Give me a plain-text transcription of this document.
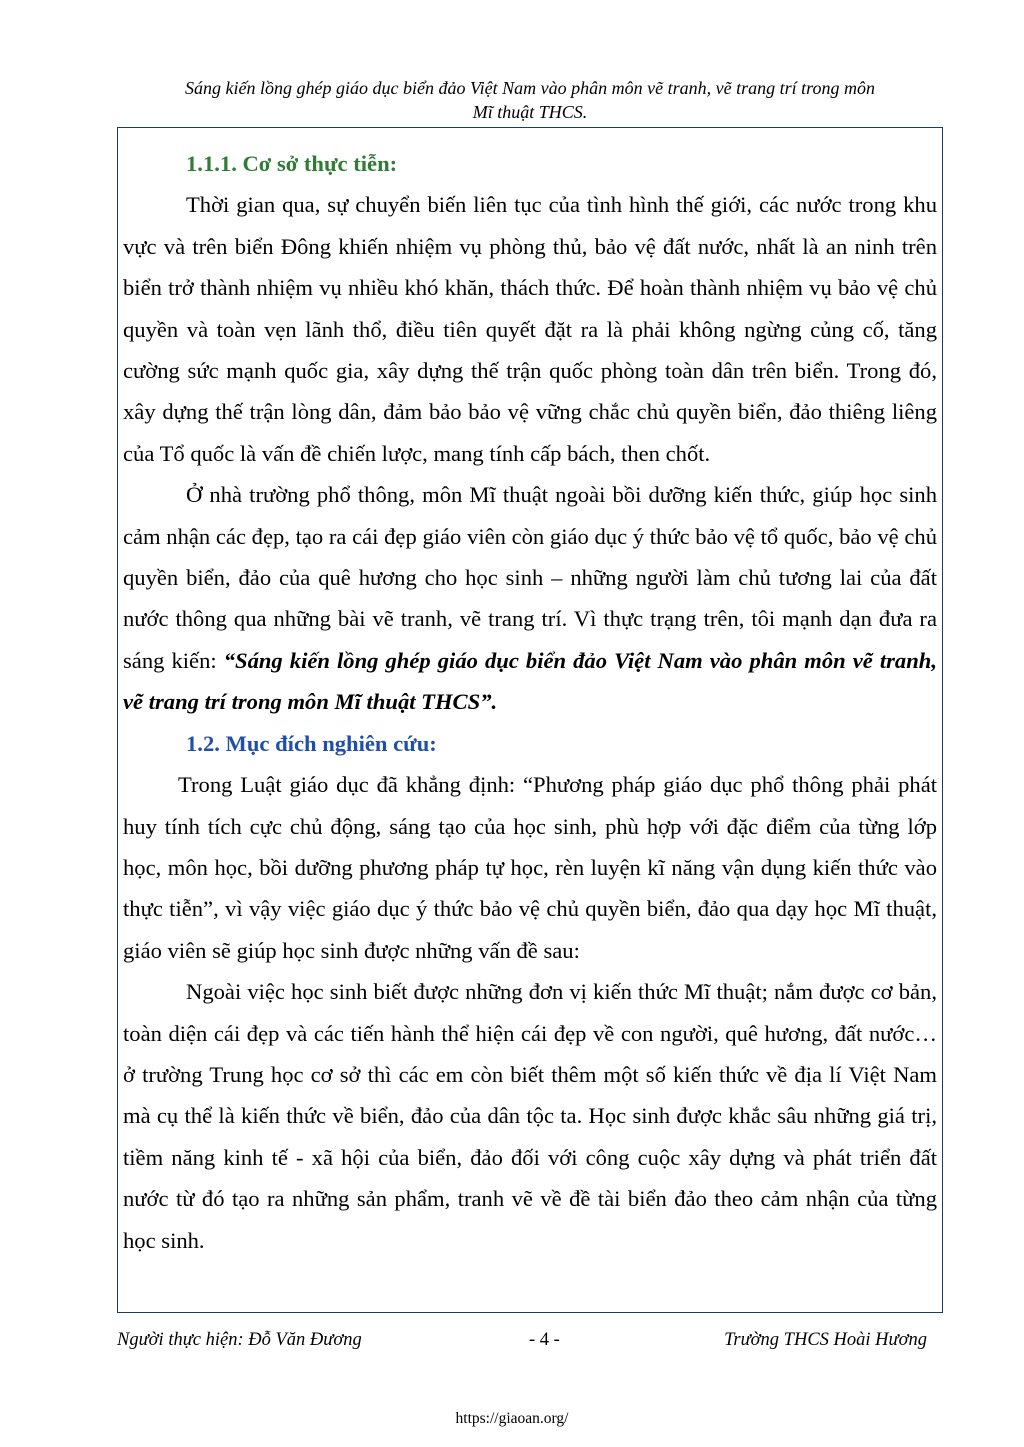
Sáng kiến lồng ghép giáo dục biển đảo Việt Nam vào phân môn vẽ tranh, vẽ trang trí trong môn
Mĩ thuật THCS.

1.1.1. Cơ sở thực tiễn:

Thời gian qua, sự chuyển biến liên tục của tình hình thế giới, các nước trong khu vực và trên biển Đông khiến nhiệm vụ phòng thủ, bảo vệ đất nước, nhất là an ninh trên biển trở thành nhiệm vụ nhiều khó khăn, thách thức. Để hoàn thành nhiệm vụ bảo vệ chủ quyền và toàn vẹn lãnh thổ, điều tiên quyết đặt ra là phải không ngừng củng cố, tăng cường sức mạnh quốc gia, xây dựng thế trận quốc phòng toàn dân trên biển. Trong đó, xây dựng thế trận lòng dân, đảm bảo bảo vệ vững chắc chủ quyền biển, đảo thiêng liêng của Tổ quốc là vấn đề chiến lược, mang tính cấp bách, then chốt.

Ở nhà trường phổ thông, môn Mĩ thuật ngoài bồi dưỡng kiến thức, giúp học sinh cảm nhận các đẹp, tạo ra cái đẹp giáo viên còn giáo dục ý thức bảo vệ tổ quốc, bảo vệ chủ quyền biển, đảo của quê hương cho học sinh – những người làm chủ tương lai của đất nước thông qua những bài vẽ tranh, vẽ trang trí. Vì thực trạng trên, tôi mạnh dạn đưa ra sáng kiến: “Sáng kiến lồng ghép giáo dục biển đảo Việt Nam vào phân môn vẽ tranh, vẽ trang trí trong môn Mĩ thuật THCS”.

1.2. Mục đích nghiên cứu:

Trong Luật giáo dục đã khẳng định: “Phương pháp giáo dục phổ thông phải phát huy tính tích cực chủ động, sáng tạo của học sinh, phù hợp với đặc điểm của từng lớp học, môn học, bồi dưỡng phương pháp tự học, rèn luyện kĩ năng vận dụng kiến thức vào thực tiễn”, vì vậy việc giáo dục ý thức bảo vệ chủ quyền biển, đảo qua dạy học Mĩ thuật, giáo viên sẽ giúp học sinh được những vấn đề sau:

Ngoài việc học sinh biết được những đơn vị kiến thức Mĩ thuật; nắm được cơ bản, toàn diện cái đẹp và các tiến hành thể hiện cái đẹp về con người, quê hương, đất nước… ở trường Trung học cơ sở thì các em còn biết thêm một số kiến thức về địa lí Việt Nam mà cụ thể là kiến thức về biển, đảo của dân tộc ta. Học sinh được khắc sâu những giá trị, tiềm năng kinh tế - xã hội của biển, đảo đối với công cuộc xây dựng và phát triển đất nước từ đó tạo ra những sản phẩm, tranh vẽ về đề tài biển đảo theo cảm nhận của từng học sinh.

Người thực hiện: Đỗ Văn Đương	- 4 -	Trường THCS Hoài Hương
https://giaoan.org/
